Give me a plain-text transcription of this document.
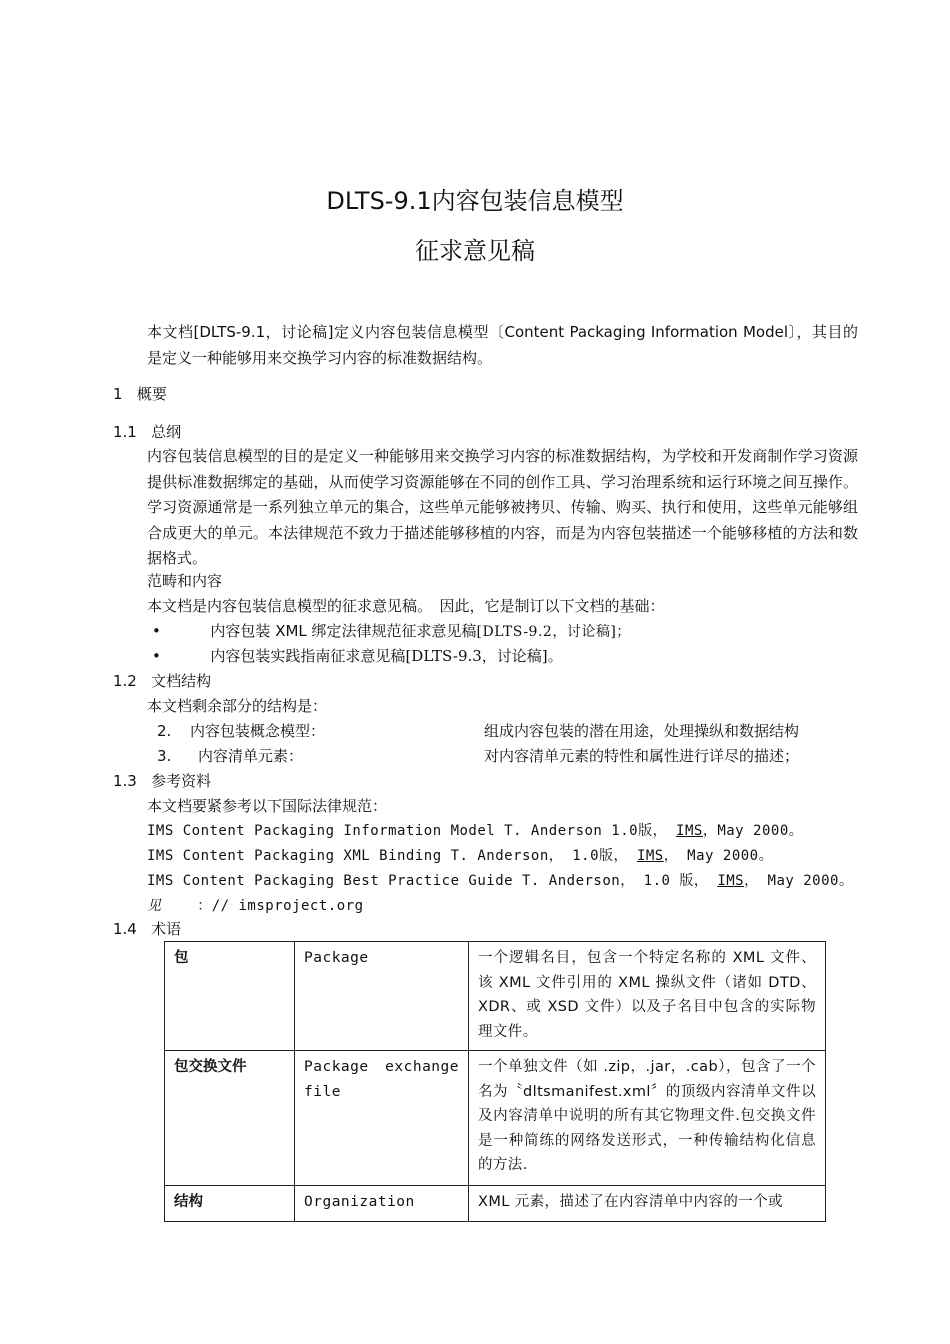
DLTS-9.1内容包装信息模型
征求意见稿
本文档[DLTS-9.1，讨论稿]定义内容包装信息模型〔Content Packaging Information Model〕，其目的是定义一种能够用来交换学习内容的标准数据结构。
1 概要
1.1 总纲
内容包装信息模型的目的是定义一种能够用来交换学习内容的标准数据结构，为学校和开发商制作学习资源提供标准数据绑定的基础，从而使学习资源能够在不同的创作工具、学习治理系统和运行环境之间互操作。学习资源通常是一系列独立单元的集合，这些单元能够被拷贝、传输、购买、执行和使用，这些单元能够组合成更大的单元。本法律规范不致力于描述能够移植的内容，而是为内容包装描述一个能够移植的方法和数据格式。
范畴和内容
本文档是内容包装信息模型的征求意见稿。　因此，它是制订以下文档的基础：
•	内容包装 XML 绑定法律规范征求意见稿[DLTS-9.2，讨论稿]；
•	内容包装实践指南征求意见稿[DLTS-9.3，讨论稿]。
1.2 文档结构
本文档剩余部分的结构是：
2. 内容包装概念模型：	组成内容包装的潜在用途，处理操纵和数据结构
3. 内容清单元素：	对内容清单元素的特性和属性进行详尽的描述；
1.3 参考资料
本文档要紧参考以下国际法律规范：
IMS Content Packaging Information Model T. Anderson 1.0版， IMS，May 2000。
IMS Content Packaging XML Binding T. Anderson， 1.0版， IMS， May 2000。
IMS Content Packaging Best Practice Guide T. Anderson， 1.0 版， IMS， May 2000。
见	：// imsproject.org
1.4 术语
包	Package	一个逻辑名目，包含一个特定名称的 XML 文件、该 XML 文件引用的 XML 操纵文件（诸如 DTD、XDR、或 XSD 文件）以及子名目中包含的实际物理文件。
包交换文件	Package exchange file	一个单独文件（如 .zip，.jar，.cab），包含了一个名为〝dltsmanifest.xml〞的顶级内容清单文件以及内容清单中说明的所有其它物理文件.包交换文件是一种简练的网络发送形式，一种传输结构化信息的方法.
结构	Organization	XML 元素，描述了在内容清单中内容的一个或
